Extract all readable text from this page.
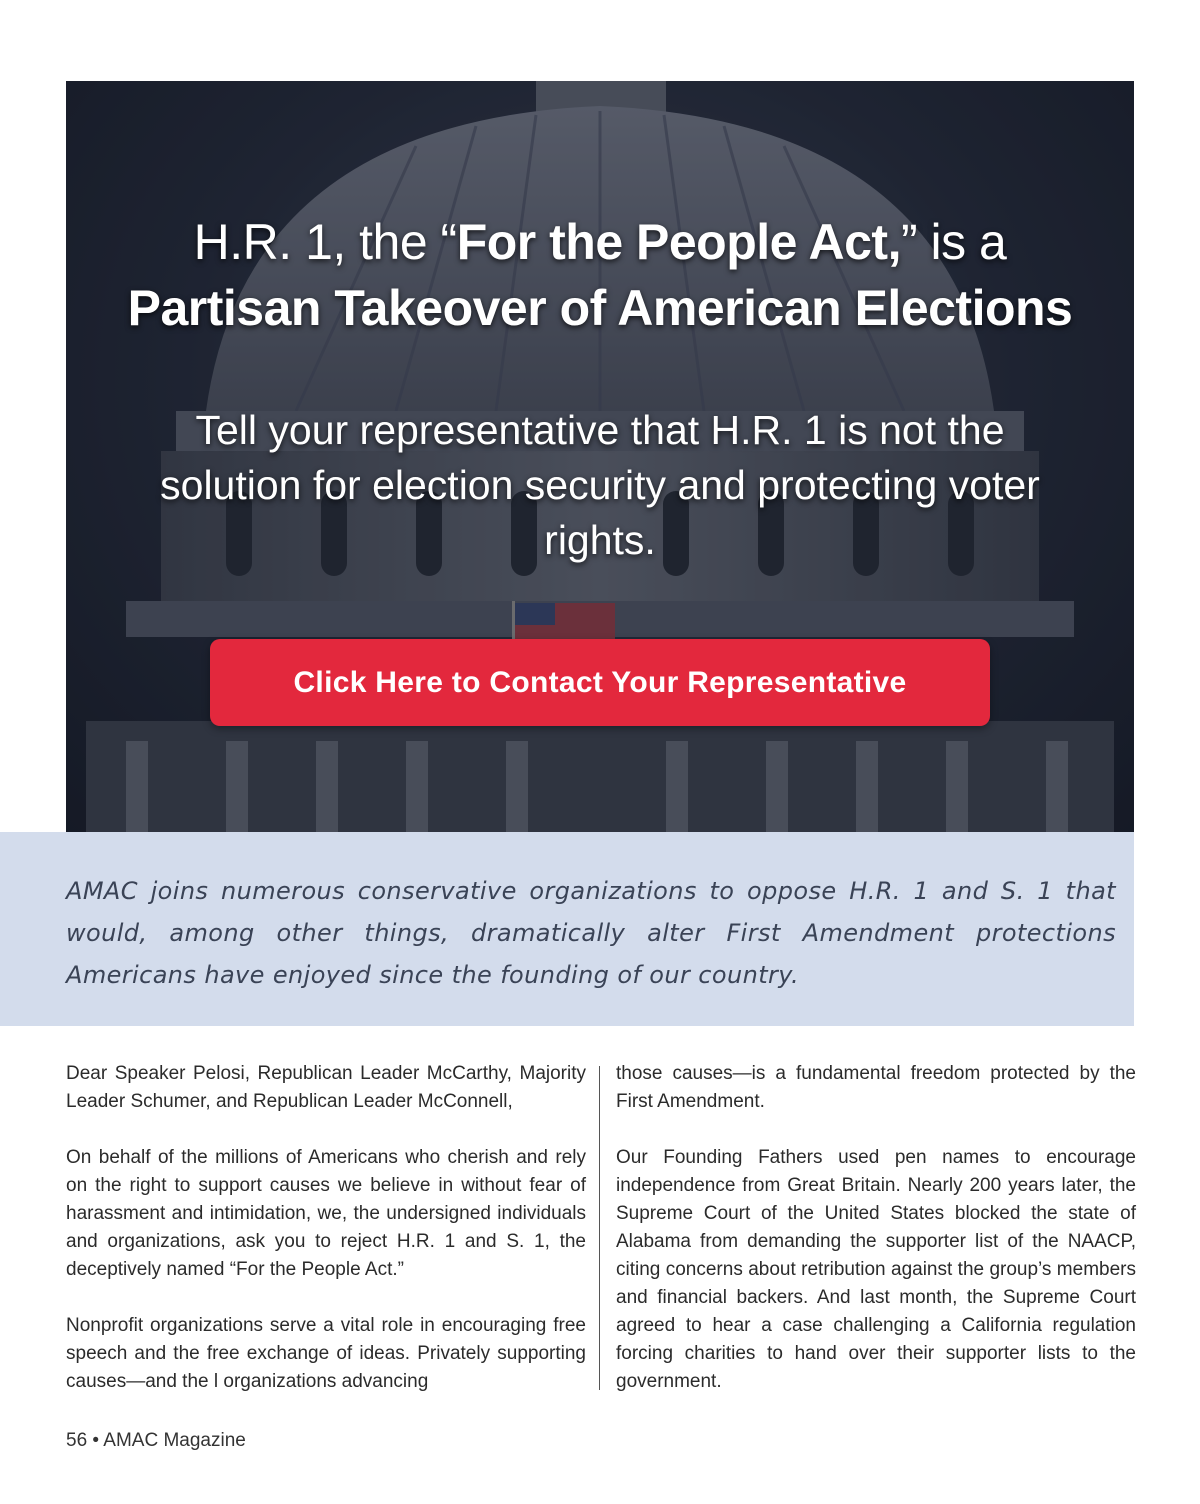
H.R. 1, the “For the People Act,” is a
Partisan Takeover of American Elections
Tell your representative that H.R. 1 is not the solution for election security and protecting voter rights.
Click Here to Contact Your Representative

AMAC joins numerous conservative organizations to oppose H.R. 1 and S. 1 that would, among other things, dramatically alter First Amendment protections Americans have enjoyed since the founding of our country.

Dear Speaker Pelosi, Republican Leader McCarthy, Majority Leader Schumer, and Republican Leader McConnell,

On behalf of the millions of Americans who cherish and rely on the right to support causes we believe in without fear of harassment and intimidation, we, the undersigned individuals and organizations, ask you to reject H.R. 1 and S. 1, the deceptively named “For the People Act.”

Nonprofit organizations serve a vital role in encouraging free speech and the free exchange of ideas. Privately supporting causes—and the l organizations advancing

those causes—is a fundamental freedom protected by the First Amendment.

Our Founding Fathers used pen names to encourage independence from Great Britain. Nearly 200 years later, the Supreme Court of the United States blocked the state of Alabama from demanding the supporter list of the NAACP, citing concerns about retribution against the group’s members and financial backers. And last month, the Supreme Court agreed to hear a case challenging a California regulation forcing charities to hand over their supporter lists to the government.

56 • AMAC Magazine
